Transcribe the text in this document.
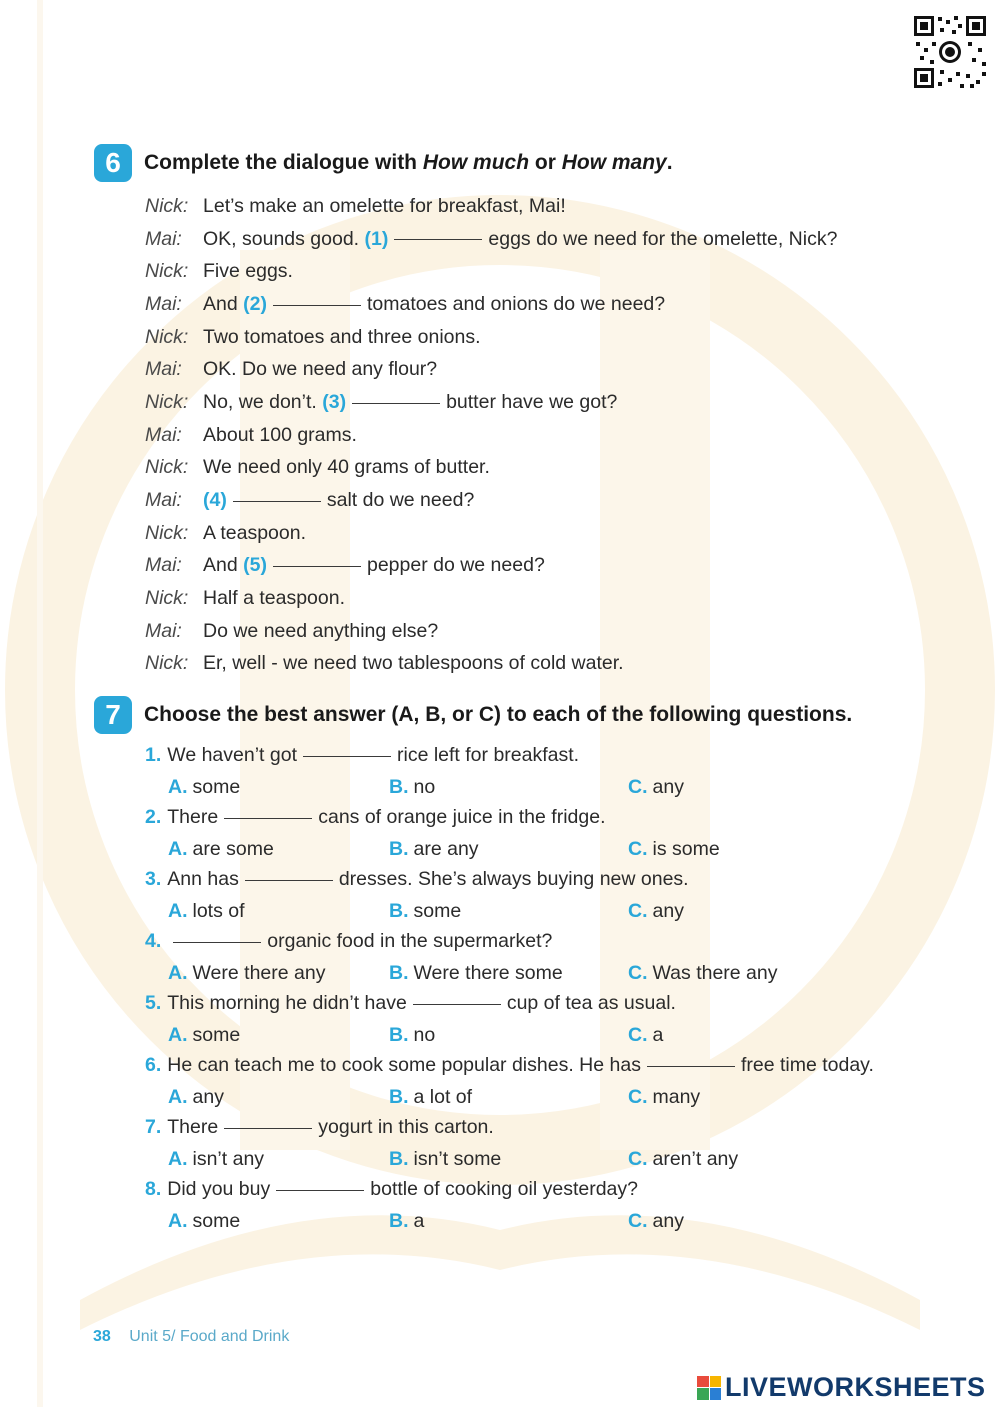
6	Complete the dialogue with How much or How many.
Nick: Let’s make an omelette for breakfast, Mai!
Mai:	OK, sounds good. (1)	eggs do we need for the omelette, Nick?
Nick: Five eggs.
Mai:	And (2)	tomatoes and onions do we need?
Nick: Two tomatoes and three onions.
Mai:	OK. Do we need any flour?
Nick: No, we don’t. (3)	butter have we got?
Mai:	About 100 grams.
Nick: We need only 40 grams of butter.
Mai:	(4)	salt do we need?
Nick: A teaspoon.
Mai:	And (5)	pepper do we need?
Nick: Half a teaspoon.
Mai:	Do we need anything else?
Nick: Er, well - we need two tablespoons of cold water.
7	Choose the best answer (A, B, or C) to each of the following questions.
1. We haven’t got	rice left for breakfast.
A. some	B. no	C. any
2. There	cans of orange juice in the fridge.
A. are some	B. are any	C. is some
3. Ann has	dresses. She’s always buying new ones.
A. lots of	B. some	C. any
4.	organic food in the supermarket?
A. Were there any	B. Were there some	C. Was there any
5. This morning he didn’t have	cup of tea as usual.
A. some	B. no	C. a
6. He can teach me to cook some popular dishes. He has	free time today.
A. any	B. a lot of	C. many
7. There	yogurt in this carton.
A. isn’t any	B. isn’t some	C. aren’t any
8. Did you buy	bottle of cooking oil yesterday?
A. some	B. a	C. any
38 Unit 5/ Food and Drink
LIVEWORKSHEETS
